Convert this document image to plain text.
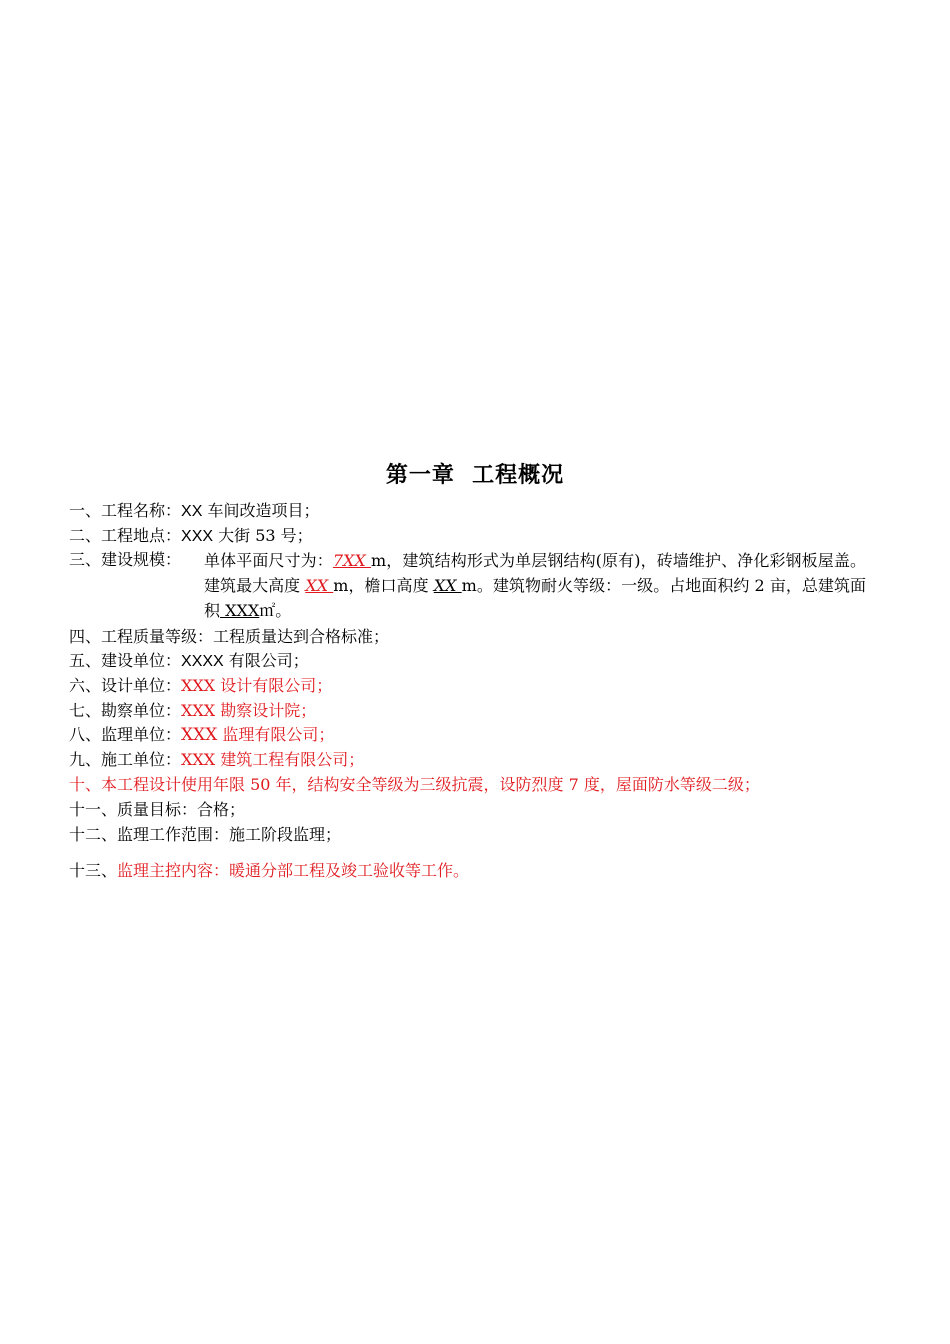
第一章  工程概况
一、工程名称：XX 车间改造项目；
二、工程地点：XXX 大街 53 号；
三、建设规模： 单体平面尺寸为：7XX m，建筑结构形式为单层钢结构(原有)，砖墙维护、净化彩钢板屋盖。建筑最大高度 XX m，檐口高度 XX m。建筑物耐火等级：一级。占地面积约 2 亩，总建筑面积 XXX㎡。
四、工程质量等级：工程质量达到合格标准；
五、建设单位：XXXX 有限公司；
六、设计单位：XXX 设计有限公司；
七、勘察单位：XXX 勘察设计院；
八、监理单位：XXX 监理有限公司；
九、施工单位：XXX 建筑工程有限公司；
十、本工程设计使用年限 50 年，结构安全等级为三级抗震，设防烈度 7 度，屋面防水等级二级；
十一、质量目标：合格；
十二、监理工作范围：施工阶段监理；
十三、监理主控内容：暖通分部工程及竣工验收等工作。
